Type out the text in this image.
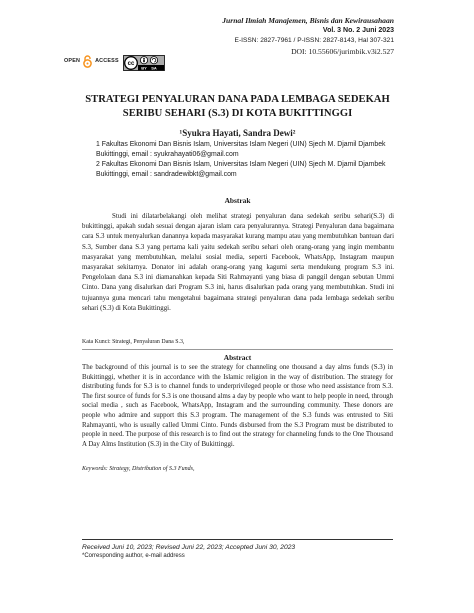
Jurnal Ilmiah Manajemen, Bisnis dan Kewirausahaan
Vol. 3 No. 2 Juni 2023
E-ISSN: 2827-7961 / P-ISSN: 2827-8143, Hal 307-321
DOI: 10.55606/jurimbik.v3i2.527
OPEN	ACCESS
cc
BY SA
STRATEGI PENYALURAN DANA PADA LEMBAGA SEDEKAH SERIBU SEHARI (S.3) DI KOTA BUKITTINGGI
¹Syukra Hayati, Sandra Dewi²
1 Fakultas Ekonomi Dan Bisnis Islam, Universitas Islam Negeri (UIN) Sjech M. Djamil Djambek Bukittinggi, email : syukrahayati06@gmail.com
2 Fakultas Ekonomi Dan Bisnis Islam, Universitas Islam Negeri (UIN) Sjech M. Djamil Djambek Bukittinggi, email : sandradewibkt@gmail.com
Abstrak

Studi ini dilatarbelakangi oleh melihat strategi penyaluran dana sedekah seribu sehari(S.3) di bukittinggi, apakah sudah sesuai dengan ajaran islam cara penyalurannya. Strategi Penyaluran dana bagaimana cara S.3 untuk menyalurkan danannya kepada masyarakat kurang mampu atau yang membutuhkan bantuan dari S.3, Sumber dana S.3 yang pertama kali yaitu sedekah seribu sehari oleh orang-orang yang ingin membantu masyarakat yang membutuhkan, melalui sosial media, seperti Facebook, WhatsApp, Instagram maupun masyarakat sekitarnya. Donator ini adalah orang-orang yang kagumi serta mendukung program S.3 ini. Pengelolaan dana S.3 ini diamanahkan kepada Siti Rahmayanti yang biasa di panggil dengan sebutan Ummi Cinto. Dana yang disalurkan dari Program S.3 ini, harus disalurkan pada orang yang membutuhkan. Studi ini tujuannya guna mencari tahu mengetahui bagaimana strategi penyaluran dana pada lembaga sedekah seribu sehari (S.3) di Kota Bukittinggi.

Kata Kunci: Strategi, Penyaluran Dana S.3,
Abstract

The background of this journal is to see the strategy for channeling one thousand a day alms funds (S.3) in Bukittinggi, whether it is in accordance with the Islamic religion in the way of distribution. The strategy for distributing funds for S.3 is to channel funds to underprivileged people or those who need assistance from S.3. The first source of funds for S.3 is one thousand alms a day by people who want to help people in need, through social media , such as Facebook, WhatsApp, Instagram and the surrounding community. These donors are people who admire and support this S.3 program. The management of the S.3 funds was entrusted to Siti Rahmayanti, who is usually called Ummi Cinto. Funds disbursed from the S.3 Program must be distributed to people in need. The purpose of this research is to find out the strategy for channeling funds to the One Thousand A Day Alms Institution (S.3) in the City of Bukittinggi.

Keywords: Strategy, Distribution of S.3 Funds,
Received Juni 10, 2023; Revised Juni 22, 2023; Accepted Juni 30, 2023
*Corresponding author, e-mail address
